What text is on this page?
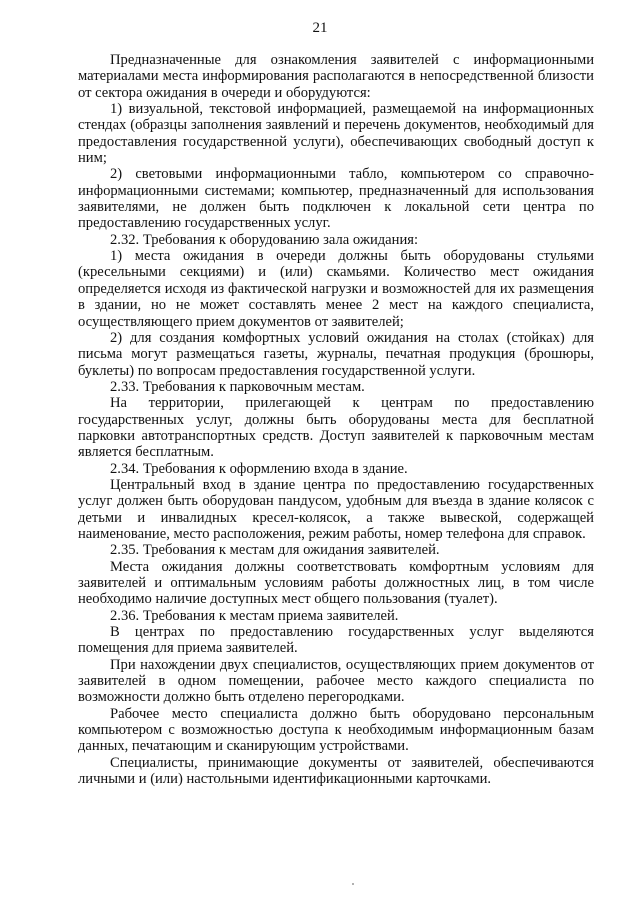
21

Предназначенные для ознакомления заявителей с информационными материалами места информирования располагаются в непосредственной близости от сектора ожидания в очереди и оборудуются:

1) визуальной, текстовой информацией, размещаемой на информационных стендах (образцы заполнения заявлений и перечень документов, необходимый для предоставления государственной услуги), обеспечивающих свободный доступ к ним;

2) световыми информационными табло, компьютером со справочно-информационными системами; компьютер, предназначенный для использования заявителями, не должен быть подключен к локальной сети центра по предоставлению государственных услуг.

2.32. Требования к оборудованию зала ожидания:

1) места ожидания в очереди должны быть оборудованы стульями (кресельными секциями) и (или) скамьями. Количество мест ожидания определяется исходя из фактической нагрузки и возможностей для их размещения в здании, но не может составлять менее 2 мест на каждого специалиста, осуществляющего прием документов от заявителей;

2) для создания комфортных условий ожидания на столах (стойках) для письма могут размещаться газеты, журналы, печатная продукция (брошюры, буклеты) по вопросам предоставления государственной услуги.

2.33. Требования к парковочным местам.

На территории, прилегающей к центрам по предоставлению государственных услуг, должны быть оборудованы места для бесплатной парковки автотранспортных средств. Доступ заявителей к парковочным местам является бесплатным.

2.34. Требования к оформлению входа в здание.

Центральный вход в здание центра по предоставлению государственных услуг должен быть оборудован пандусом, удобным для въезда в здание колясок с детьми и инвалидных кресел-колясок, а также вывеской, содержащей наименование, место расположения, режим работы, номер телефона для справок.

2.35. Требования к местам для ожидания заявителей.

Места ожидания должны соответствовать комфортным условиям для заявителей и оптимальным условиям работы должностных лиц, в том числе необходимо наличие доступных мест общего пользования (туалет).

2.36. Требования к местам приема заявителей.

В центрах по предоставлению государственных услуг выделяются помещения для приема заявителей.

При нахождении двух специалистов, осуществляющих прием документов от заявителей в одном помещении, рабочее место каждого специалиста по возможности должно быть отделено перегородками.

Рабочее место специалиста должно быть оборудовано персональным компьютером с возможностью доступа к необходимым информационным базам данных, печатающим и сканирующим устройствами.

Специалисты, принимающие документы от заявителей, обеспечиваются личными и (или) настольными идентификационными карточками.
